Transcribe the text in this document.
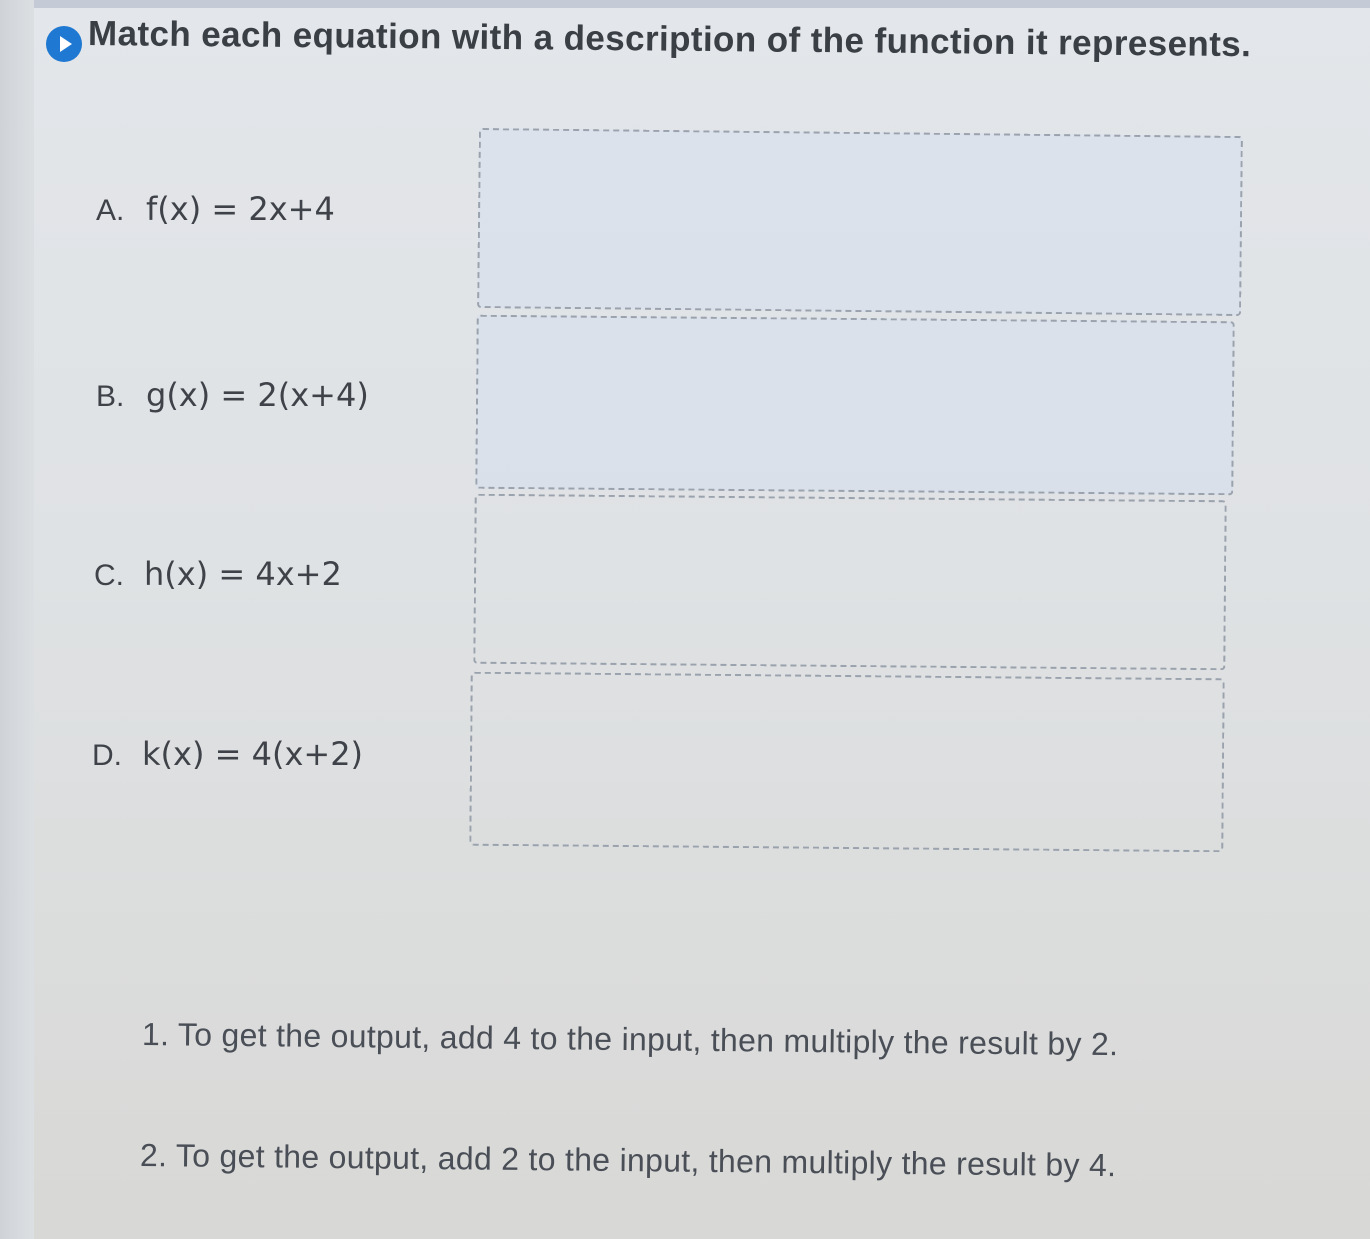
Match each equation with a description of the function it represents.
A. f(x) = 2x+4
B. g(x) = 2(x+4)
C. h(x) = 4x+2
D. k(x) = 4(x+2)
1. To get the output, add 4 to the input, then multiply the result by 2.
2. To get the output, add 2 to the input, then multiply the result by 4.
